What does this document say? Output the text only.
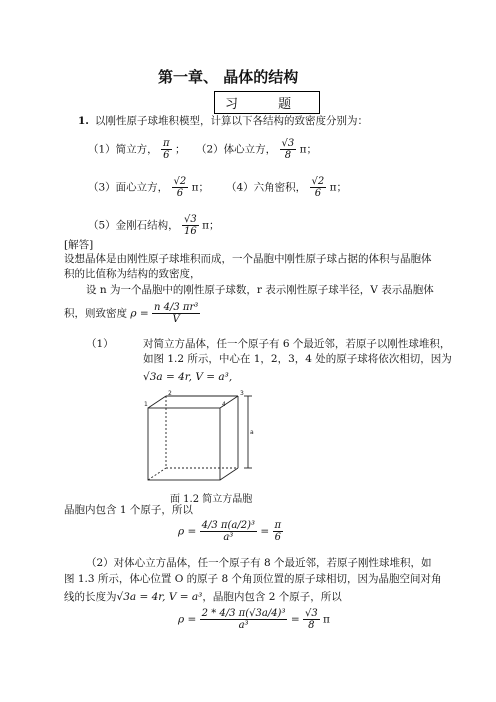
第一章、 晶体的结构
习 题
1. 以刚性原子球堆积模型，计算以下各结构的致密度分别为：
（1）简立方， $\frac{\pi}{6}$ ； （2）体心立方， $\frac{√3}{8}$ π；
（3）面心立方， $\frac{√2}{6}$ π； （4）六角密积， $\frac{√2}{6}$ π；
（5）金刚石结构， $\frac{√3}{16}$ π；
[解答]
设想晶体是由刚性原子球堆积而成，一个晶胞中刚性原子球占据的体积与晶胞体
积的比值称为结构的致密度，
设 n 为一个晶胞中的刚性原子球数，r 表示刚性原子球半径，V 表示晶胞体
积，则致密度 $\rho = \frac{\text{n 4/3 πr³}}{V}$
（1）	对简立方晶体，任一个原子有 6 个最近邻，若原子以刚性球堆积，
如图 1.2 所示，中心在 1，2，3，4 处的原子球将依次相切，因为
√3a = 4r, V = a³,
1
2	3
4
a
面 1.2 简立方晶胞
晶胞内包含 1 个原子，所以
$\rho = \frac{\text{4/3 π(a/2)³}}{\text{a³}} = \frac{\pi}{6}$
（2）对体心立方晶体，任一个原子有 8 个最近邻，若原子刚性球堆积，如
图 1.3 所示，体心位置 O 的原子 8 个角顶位置的原子球相切，因为晶胞空间对角
线的长度为√3a = 4r, V = a³，晶胞内包含 2 个原子，所以
$\rho = \frac{\text{2 * 4/3 π(√3a/4)³}}{\text{a³}} = \frac{√3}{8}$ π
